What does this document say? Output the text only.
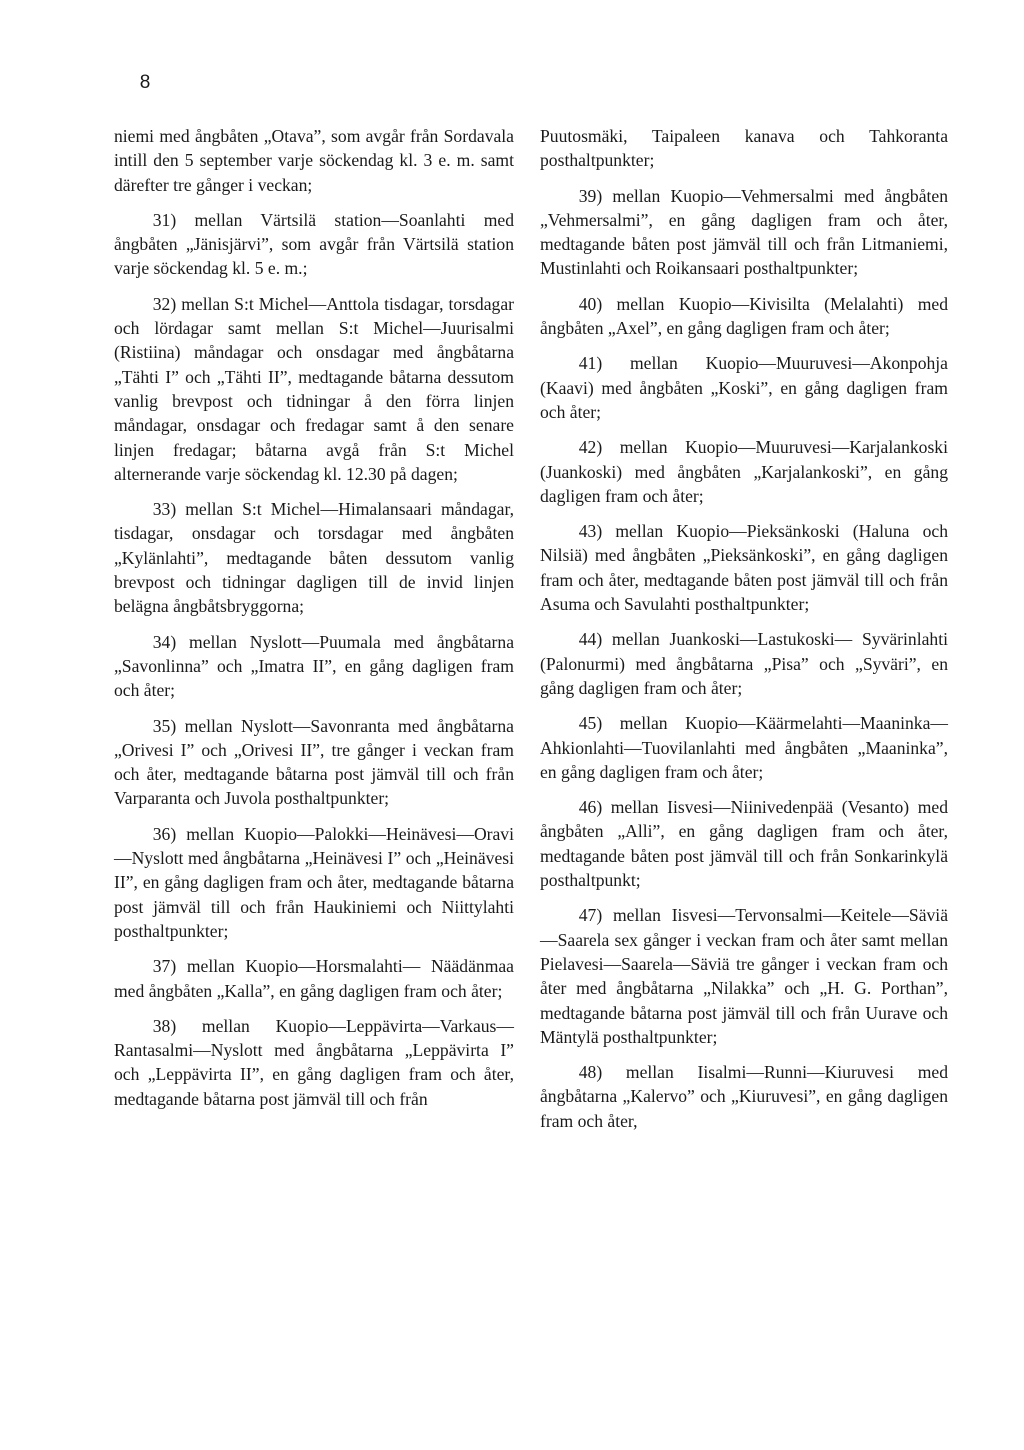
8

niemi med ångbåten „Otava”, som avgår från Sordavala intill den 5 september varje söckendag kl. 3 e. m. samt därefter tre gånger i veckan;

31) mellan Värtsilä station—Soanlahti med ångbåten „Jänisjärvi”, som avgår från Värtsilä station varje söckendag kl. 5 e. m.;

32) mellan S:t Michel—Anttola tisdagar, torsdagar och lördagar samt mellan S:t Michel—Juurisalmi (Ristiina) måndagar och onsdagar med ångbåtarna „Tähti I” och „Tähti II”, medtagande båtarna dessutom vanlig brevpost och tidningar å den förra linjen måndagar, onsdagar och fredagar samt å den senare linjen fredagar; båtarna avgå från S:t Michel alternerande varje söckendag kl. 12.30 på dagen;

33) mellan S:t Michel—Himalansaari måndagar, tisdagar, onsdagar och torsdagar med ångbåten „Kylänlahti”, medtagande båten dessutom vanlig brevpost och tidningar dagligen till de invid linjen belägna ångbåtsbryggorna;

34) mellan Nyslott—Puumala med ångbåtarna „Savonlinna” och „Imatra II”, en gång dagligen fram och åter;

35) mellan Nyslott—Savonranta med ångbåtarna „Orivesi I” och „Orivesi II”, tre gånger i veckan fram och åter, medtagande båtarna post jämväl till och från Varparanta och Juvola posthaltpunkter;

36) mellan Kuopio—Palokki—Heinävesi—Oravi—Nyslott med ångbåtarna „Heinävesi I” och „Heinävesi II”, en gång dagligen fram och åter, medtagande båtarna post jämväl till och från Haukiniemi och Niittylahti posthaltpunkter;

37) mellan Kuopio—Horsmalahti— Näädänmaa med ångbåten „Kalla”, en gång dagligen fram och åter;

38) mellan Kuopio—Leppävirta—Varkaus—Rantasalmi—Nyslott med ångbåtarna „Leppävirta I” och „Leppävirta II”, en gång dagligen fram och åter, medtagande båtarna post jämväl till och från

Puutosmäki, Taipaleen kanava och Tahkoranta posthaltpunkter;

39) mellan Kuopio—Vehmersalmi med ångbåten „Vehmersalmi”, en gång dagligen fram och åter, medtagande båten post jämväl till och från Litmaniemi, Mustinlahti och Roikansaari posthaltpunkter;

40) mellan Kuopio—Kivisilta (Melalahti) med ångbåten „Axel”, en gång dagligen fram och åter;

41) mellan Kuopio—Muuruvesi—Akonpohja (Kaavi) med ångbåten „Koski”, en gång dagligen fram och åter;

42) mellan Kuopio—Muuruvesi—Karjalankoski (Juankoski) med ångbåten „Karjalankoski”, en gång dagligen fram och åter;

43) mellan Kuopio—Pieksänkoski (Haluna och Nilsiä) med ångbåten „Pieksänkoski”, en gång dagligen fram och åter, medtagande båten post jämväl till och från Asuma och Savulahti posthaltpunkter;

44) mellan Juankoski—Lastukoski— Syvärinlahti (Palonurmi) med ångbåtarna „Pisa” och „Syväri”, en gång dagligen fram och åter;

45) mellan Kuopio—Käärmelahti—Maaninka—Ahkionlahti—Tuovilanlahti med ångbåten „Maaninka”, en gång dagligen fram och åter;

46) mellan Iisvesi—Niinivedenpää (Vesanto) med ångbåten „Alli”, en gång dagligen fram och åter, medtagande båten post jämväl till och från Sonkarinkylä posthaltpunkt;

47) mellan Iisvesi—Tervonsalmi—Keitele—Säviä—Saarela sex gånger i veckan fram och åter samt mellan Pielavesi—Saarela—Säviä tre gånger i veckan fram och åter med ångbåtarna „Nilakka” och „H. G. Porthan”, medtagande båtarna post jämväl till och från Uurave och Mäntylä posthaltpunkter;

48) mellan Iisalmi—Runni—Kiuruvesi med ångbåtarna „Kalervo” och „Kiuruvesi”, en gång dagligen fram och åter,
